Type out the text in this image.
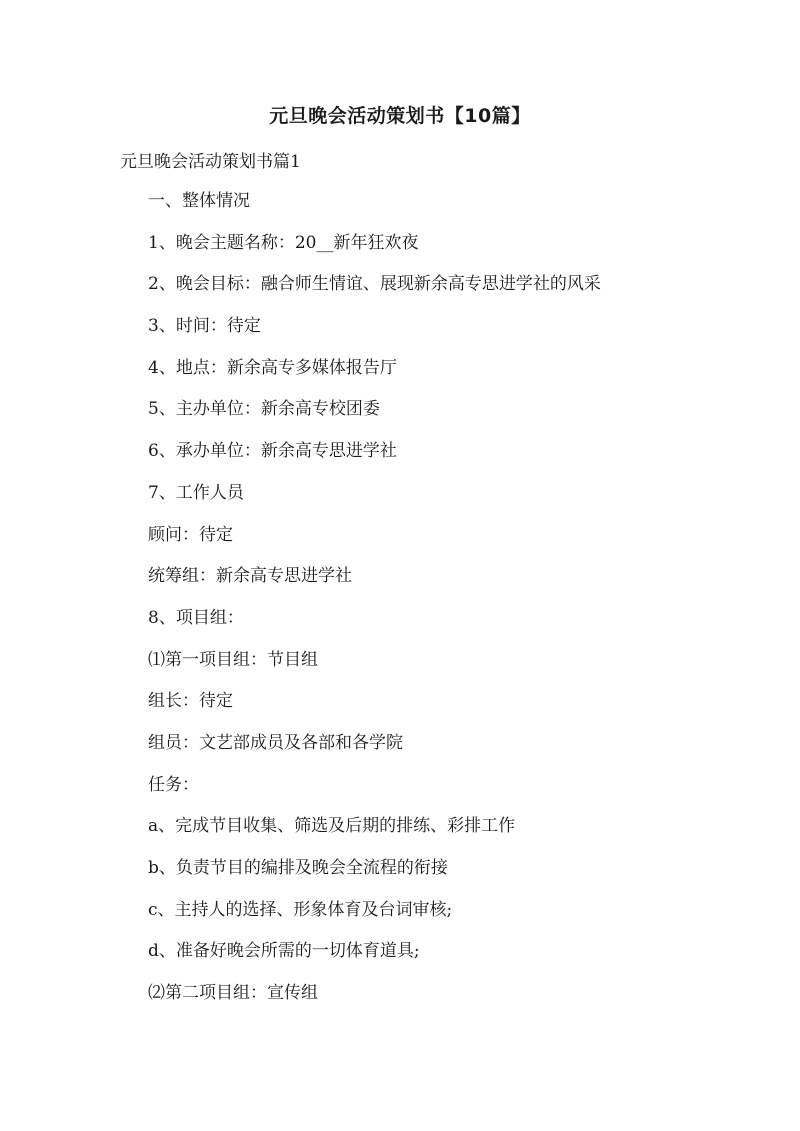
元旦晚会活动策划书【10篇】
元旦晚会活动策划书篇1
一、整体情况
1、晚会主题名称：20__新年狂欢夜
2、晚会目标：融合师生情谊、展现新余高专思进学社的风采
3、时间：待定
4、地点：新余高专多媒体报告厅
5、主办单位：新余高专校团委
6、承办单位：新余高专思进学社
7、工作人员
顾问：待定
统筹组：新余高专思进学社
8、项目组：
⑴第一项目组：节目组
组长：待定
组员：文艺部成员及各部和各学院
任务：
a、完成节目收集、筛选及后期的排练、彩排工作
b、负责节目的编排及晚会全流程的衔接
c、主持人的选择、形象体育及台词审核;
d、准备好晚会所需的一切体育道具;
⑵第二项目组：宣传组
